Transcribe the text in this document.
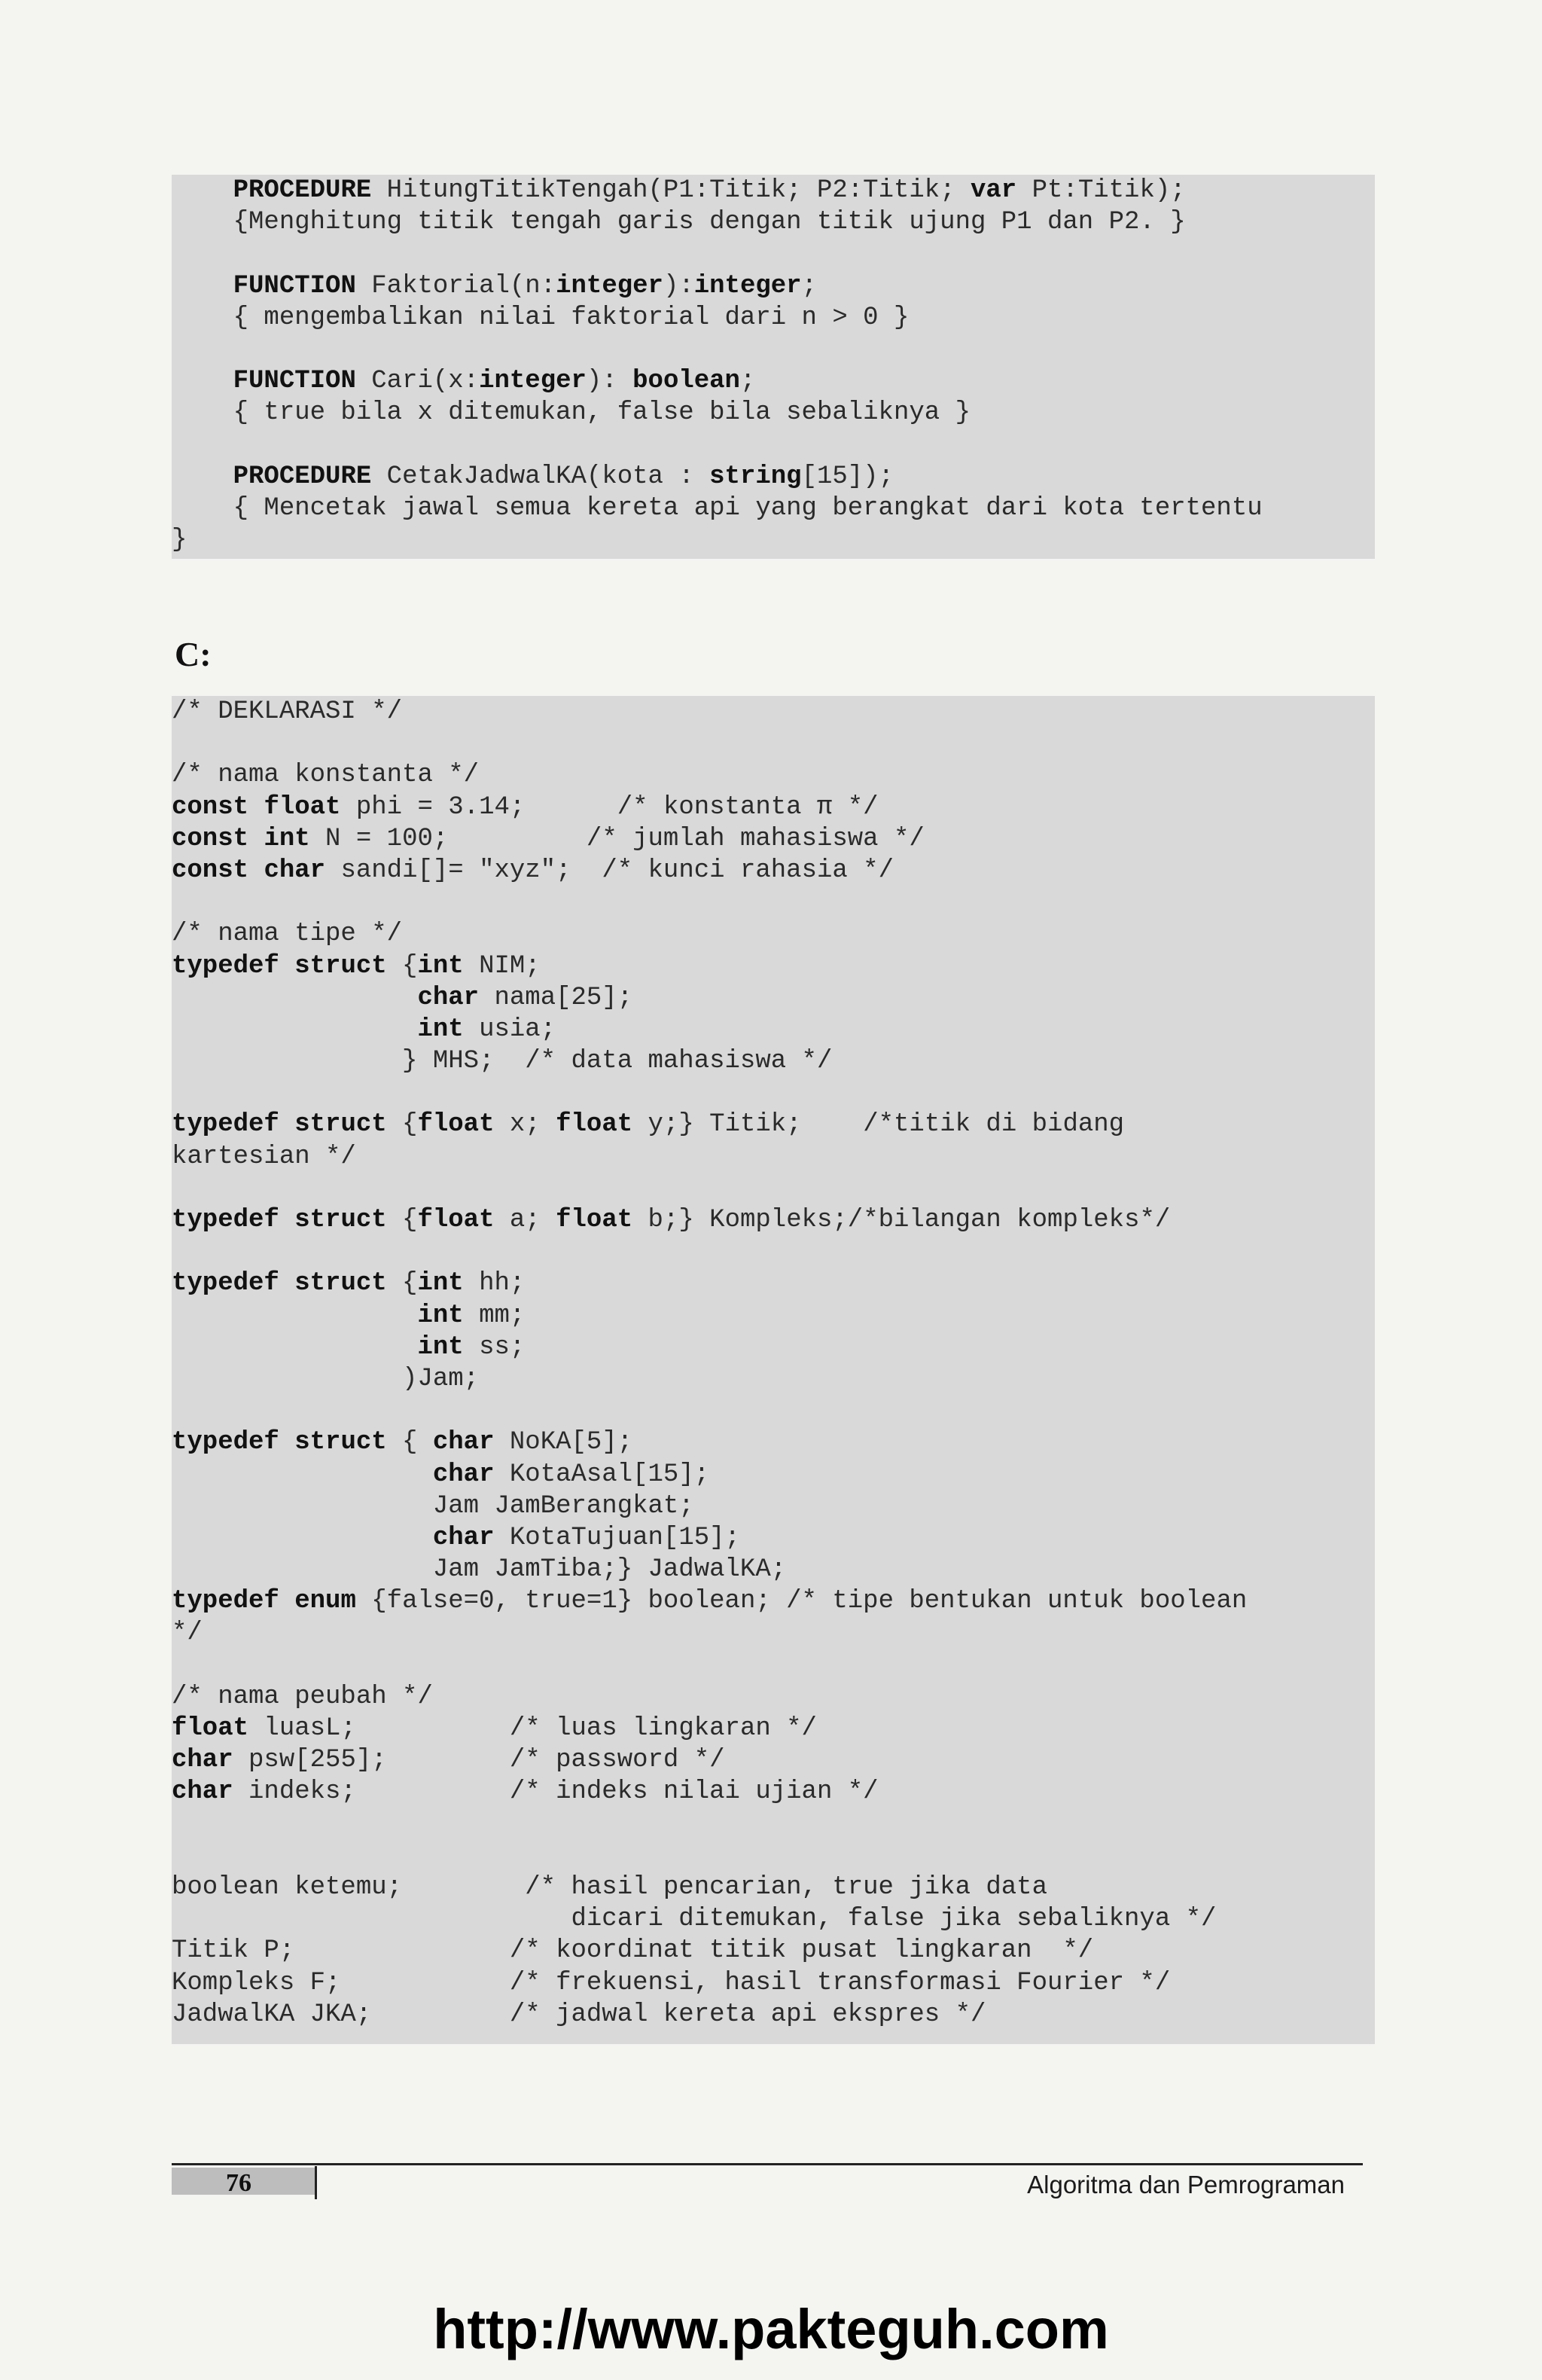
PROCEDURE HitungTitikTengah(P1:Titik; P2:Titik; var Pt:Titik);
{Menghitung titik tengah garis dengan titik ujung P1 dan P2. }
FUNCTION Faktorial(n:integer):integer;
{ mengembalikan nilai faktorial dari n > 0 }
FUNCTION Cari(x:integer): boolean;
{ true bila x ditemukan, false bila sebaliknya }
PROCEDURE CetakJadwalKA(kota : string[15]);
{ Mencetak jawal semua kereta api yang berangkat dari kota tertentu
}
C:
/* DEKLARASI */
/* nama konstanta */
const float phi = 3.14;      /* konstanta π */
const int N = 100;         /* jumlah mahasiswa */
const char sandi[]= "xyz";  /* kunci rahasia */
/* nama tipe */
typedef struct {int NIM;
char nama[25];
int usia;
} MHS;  /* data mahasiswa */
typedef struct {float x; float y;} Titik;    /*titik di bidang
kartesian */
typedef struct {float a; float b;} Kompleks;/*bilangan kompleks*/
typedef struct {int hh;
int mm;
int ss;
)Jam;
typedef struct { char NoKA[5];
char KotaAsal[15];
Jam JamBerangkat;
char KotaTujuan[15];
Jam JamTiba;} JadwalKA;
typedef enum {false=0, true=1} boolean; /* tipe bentukan untuk boolean
*/
/* nama peubah */
float luasL;          /* luas lingkaran */
char psw[255];        /* password */
char indeks;          /* indeks nilai ujian */
boolean ketemu;        /* hasil pencarian, true jika data
dicari ditemukan, false jika sebaliknya */
Titik P;              /* koordinat titik pusat lingkaran  */
Kompleks F;           /* frekuensi, hasil transformasi Fourier */
JadwalKA JKA;         /* jadwal kereta api ekspres */
76	Algoritma dan Pemrograman
http://www.pakteguh.com
